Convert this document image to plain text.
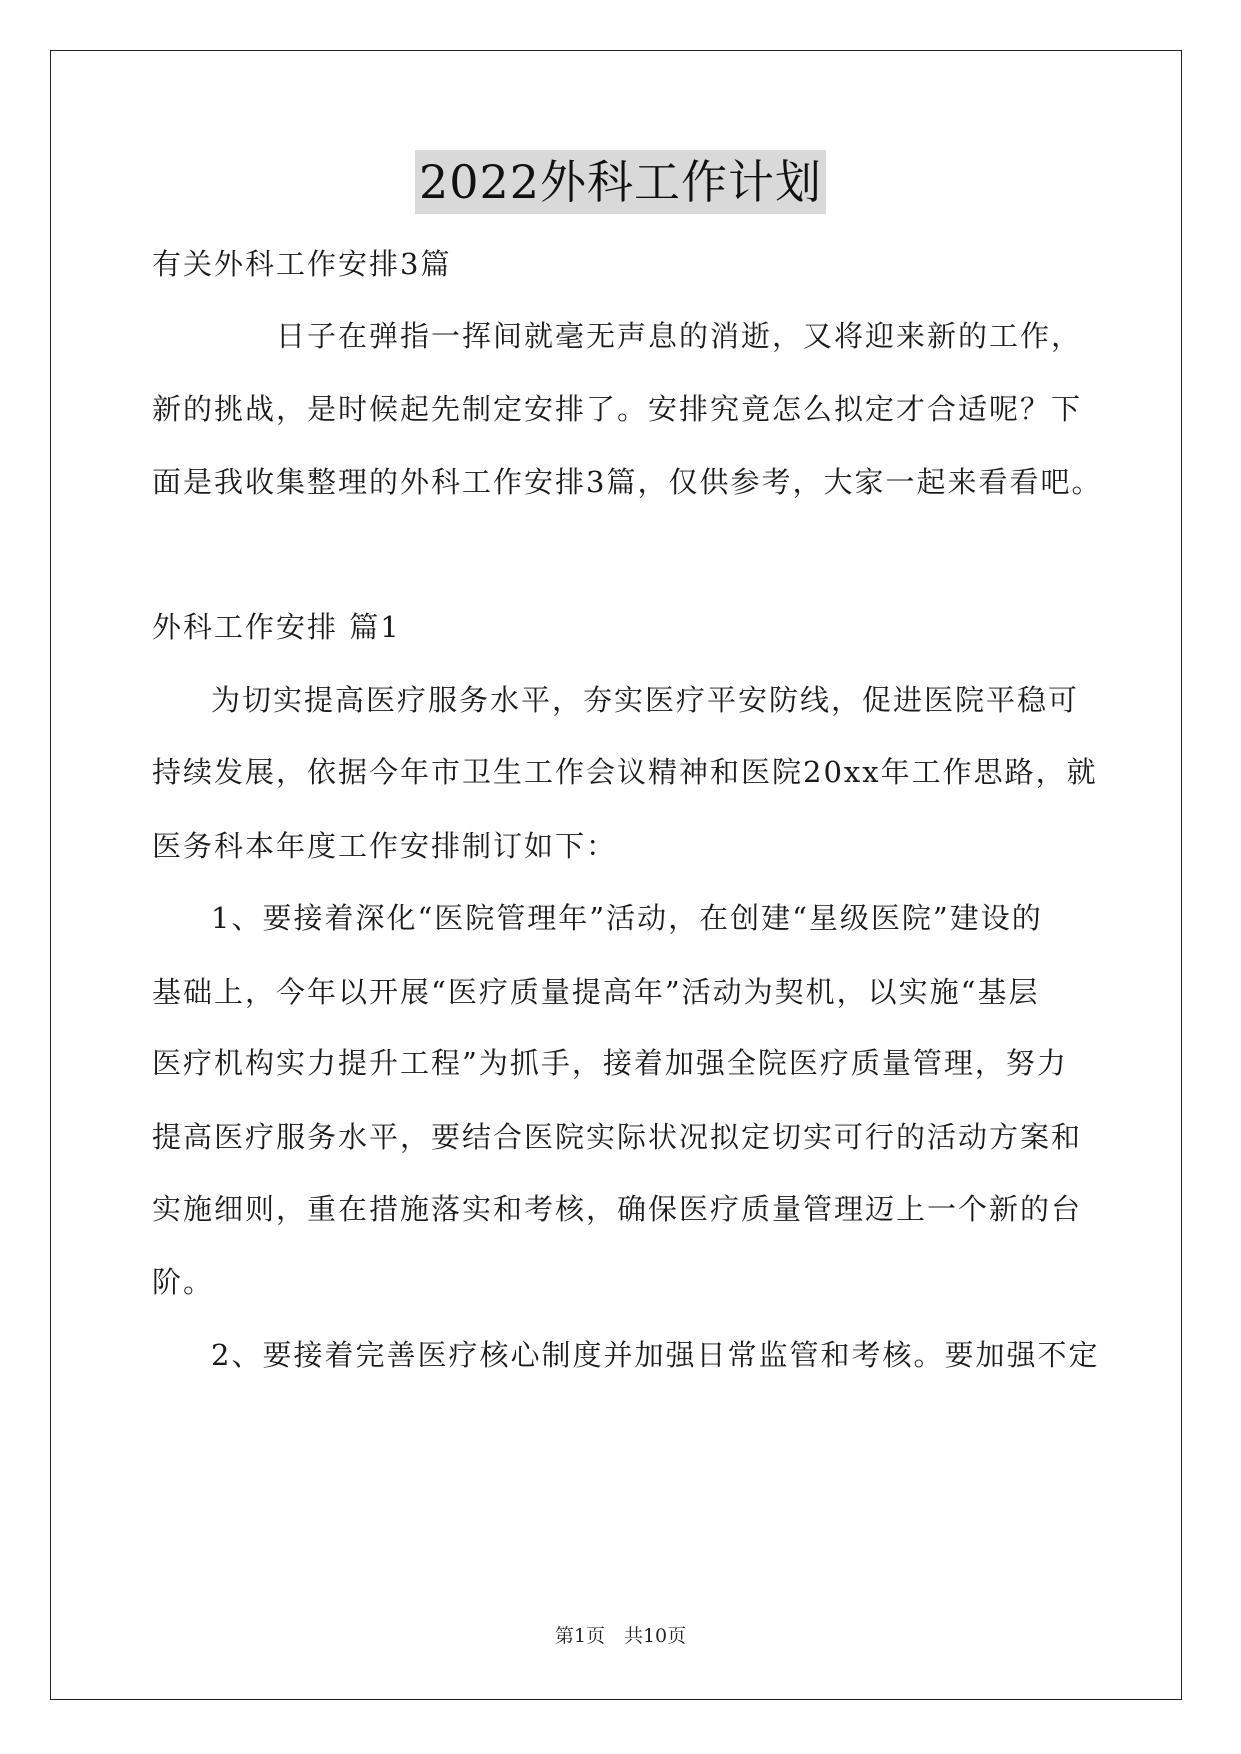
2022外科工作计划
有关外科工作安排3篇
日子在弹指一挥间就毫无声息的消逝，又将迎来新的工作，
新的挑战，是时候起先制定安排了。安排究竟怎么拟定才合适呢？下
面是我收集整理的外科工作安排3篇，仅供参考，大家一起来看看吧。
外科工作安排 篇1
为切实提高医疗服务水平，夯实医疗平安防线，促进医院平稳可
持续发展，依据今年市卫生工作会议精神和医院20xx年工作思路，就
医务科本年度工作安排制订如下：
1、要接着深化“医院管理年”活动，在创建“星级医院”建设的
基础上，今年以开展“医疗质量提高年”活动为契机，以实施“基层
医疗机构实力提升工程”为抓手，接着加强全院医疗质量管理，努力
提高医疗服务水平，要结合医院实际状况拟定切实可行的活动方案和
实施细则，重在措施落实和考核，确保医疗质量管理迈上一个新的台
阶。
2、要接着完善医疗核心制度并加强日常监管和考核。要加强不定
第1页　共10页
